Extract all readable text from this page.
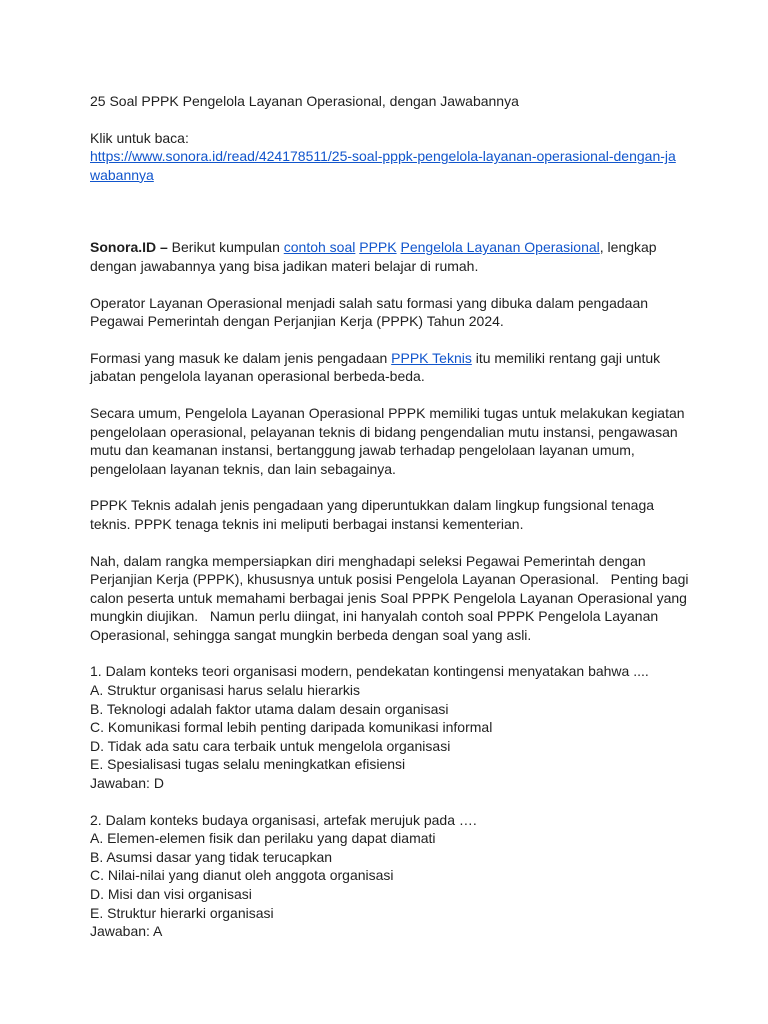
25 Soal PPPK Pengelola Layanan Operasional, dengan Jawabannya

Klik untuk baca:

https://www.sonora.id/read/424178511/25-soal-pppk-pengelola-layanan-operasional-dengan-jawabannya

Sonora.ID – Berikut kumpulan contoh soal PPPK Pengelola Layanan Operasional, lengkap dengan jawabannya yang bisa jadikan materi belajar di rumah.

Operator Layanan Operasional menjadi salah satu formasi yang dibuka dalam pengadaan Pegawai Pemerintah dengan Perjanjian Kerja (PPPK) Tahun 2024.

Formasi yang masuk ke dalam jenis pengadaan PPPK Teknis itu memiliki rentang gaji untuk jabatan pengelola layanan operasional berbeda-beda.

Secara umum, Pengelola Layanan Operasional PPPK memiliki tugas untuk melakukan kegiatan pengelolaan operasional, pelayanan teknis di bidang pengendalian mutu instansi, pengawasan mutu dan keamanan instansi, bertanggung jawab terhadap pengelolaan layanan umum, pengelolaan layanan teknis, dan lain sebagainya.

PPPK Teknis adalah jenis pengadaan yang diperuntukkan dalam lingkup fungsional tenaga teknis. PPPK tenaga teknis ini meliputi berbagai instansi kementerian.

Nah, dalam rangka mempersiapkan diri menghadapi seleksi Pegawai Pemerintah dengan Perjanjian Kerja (PPPK), khususnya untuk posisi Pengelola Layanan Operasional.   Penting bagi calon peserta untuk memahami berbagai jenis Soal PPPK Pengelola Layanan Operasional yang mungkin diujikan.   Namun perlu diingat, ini hanyalah contoh soal PPPK Pengelola Layanan Operasional, sehingga sangat mungkin berbeda dengan soal yang asli.

1. Dalam konteks teori organisasi modern, pendekatan kontingensi menyatakan bahwa ....

A. Struktur organisasi harus selalu hierarkis
B. Teknologi adalah faktor utama dalam desain organisasi
C. Komunikasi formal lebih penting daripada komunikasi informal
D. Tidak ada satu cara terbaik untuk mengelola organisasi
E. Spesialisasi tugas selalu meningkatkan efisiensi

Jawaban: D

2. Dalam konteks budaya organisasi, artefak merujuk pada ….

A. Elemen-elemen fisik dan perilaku yang dapat diamati
B. Asumsi dasar yang tidak terucapkan
C. Nilai-nilai yang dianut oleh anggota organisasi
D. Misi dan visi organisasi
E. Struktur hierarki organisasi

Jawaban: A
